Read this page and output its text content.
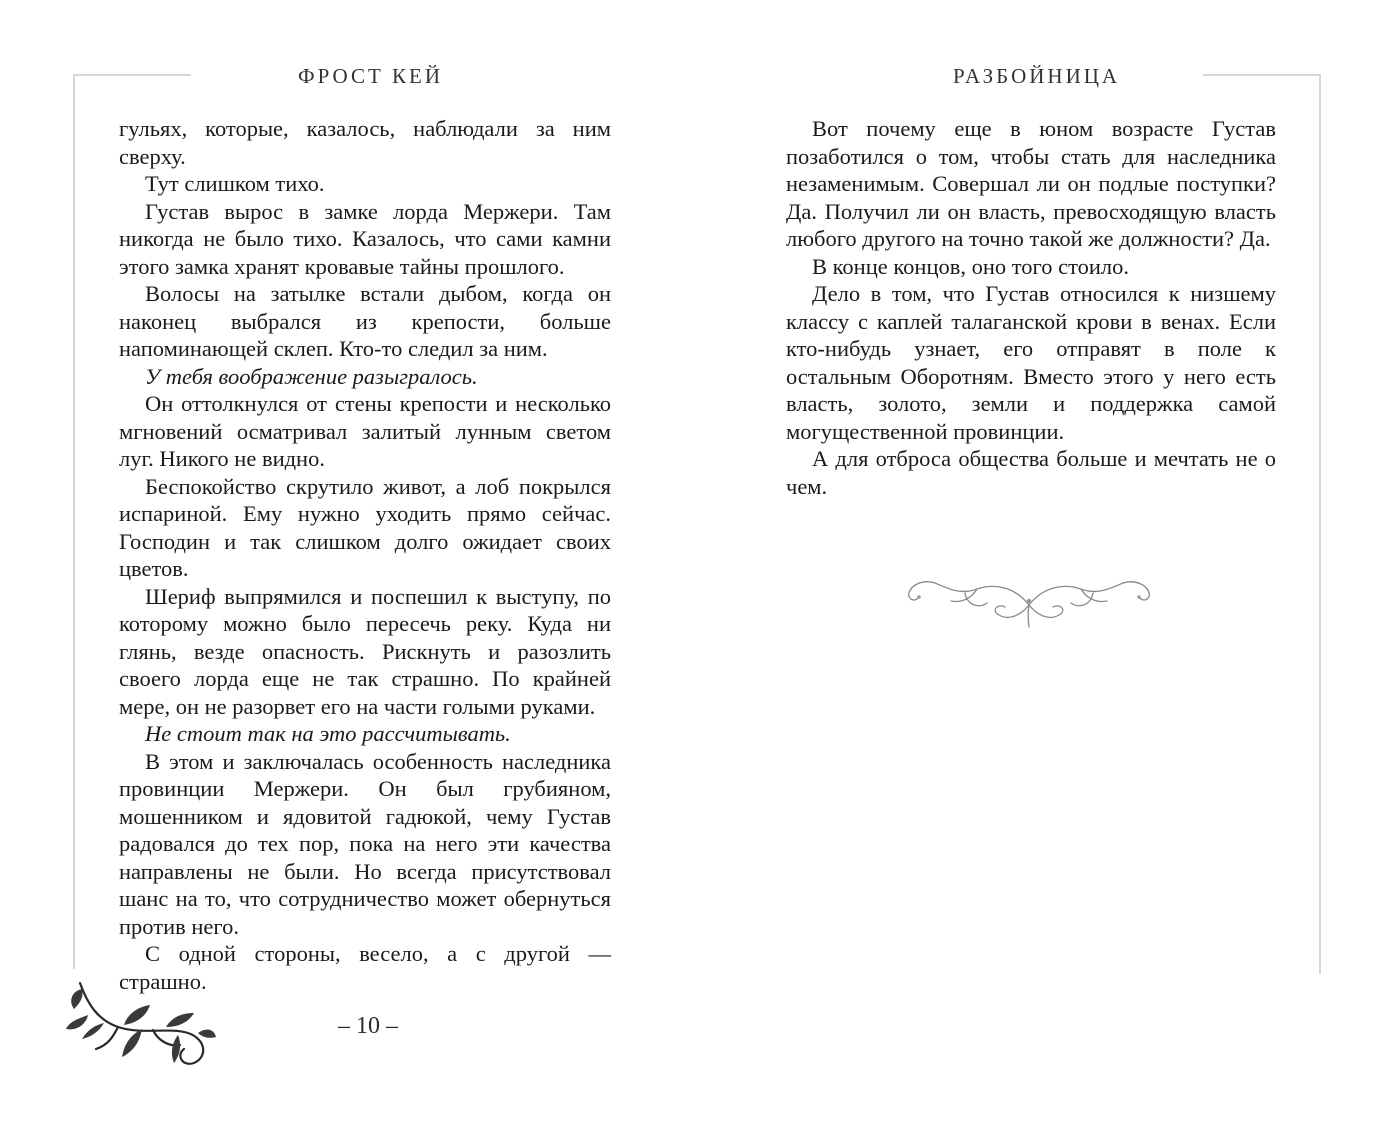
ФРОСТ КЕЙ

гульях, которые, казалось, наблюдали за ним сверху.

Тут слишком тихо.

Густав вырос в замке лорда Мержери. Там никогда не было тихо. Казалось, что сами камни этого замка хранят кровавые тайны прошлого.

Волосы на затылке встали дыбом, когда он наконец выбрался из крепости, больше напоминающей склеп. Кто-то следил за ним.

У тебя воображение разыгралось.

Он оттолкнулся от стены крепости и несколько мгновений осматривал залитый лунным светом луг. Никого не видно.

Беспокойство скрутило живот, а лоб покрылся испариной. Ему нужно уходить прямо сейчас. Господин и так слишком долго ожидает своих цветов.

Шериф выпрямился и поспешил к выступу, по которому можно было пересечь реку. Куда ни глянь, везде опасность. Рискнуть и разозлить своего лорда еще не так страшно. По крайней мере, он не разорвет его на части голыми руками.

Не стоит так на это рассчитывать.

В этом и заключалась особенность наследника провинции Мержери. Он был грубияном, мошенником и ядовитой гадюкой, чему Густав радовался до тех пор, пока на него эти качества направлены не были. Но всегда присутствовал шанс на то, что сотрудничество может обернуться против него.

С одной стороны, весело, а с другой — страшно.

– 10 –
РАЗБОЙНИЦА

Вот почему еще в юном возрасте Густав позаботился о том, чтобы стать для наследника незаменимым. Совершал ли он подлые поступки? Да. Получил ли он власть, превосходящую власть любого другого на точно такой же должности? Да.

В конце концов, оно того стоило.

Дело в том, что Густав относился к низшему классу с каплей талаганской крови в венах. Если кто-нибудь узнает, его отправят в поле к остальным Оборотням. Вместо этого у него есть власть, золото, земли и поддержка самой могущественной провинции.

А для отброса общества больше и мечтать не о чем.
